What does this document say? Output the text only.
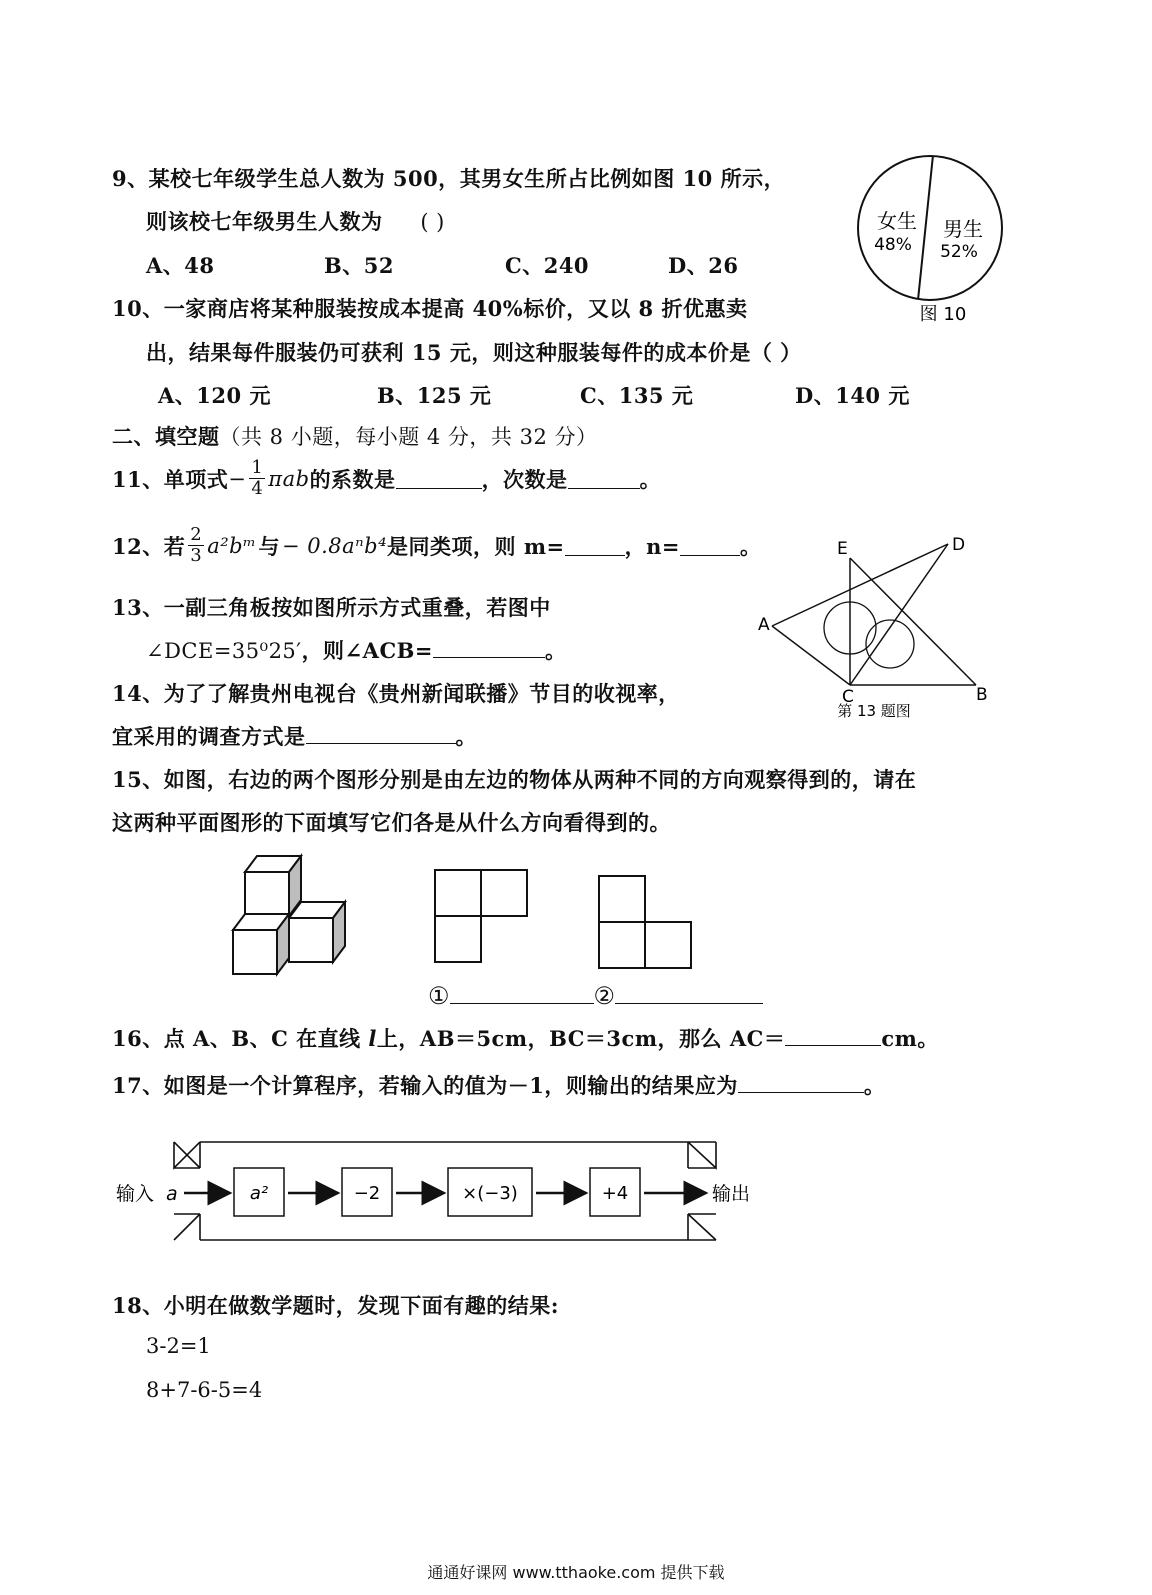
9、某校七年级学生总人数为 500，其男女生所占比例如图 10 所示，
则该校七年级男生人数为 ( )
A、48	B、52	C、240	D、26
女生
48%
男生
52%
图 10
10、一家商店将某种服装按成本提高 40%标价，又以 8 折优惠卖
出，结果每件服装仍可获利 15 元，则这种服装每件的成本价是（ ）
A、120 元	B、125 元	C、135 元	D、140 元
二、填空题（共 8 小题，每小题 4 分，共 32 分）
11、单项式 − $\frac{1}{4}$ πab 的系数是	，次数是	。
12、若 $\frac{2}{3}$ a²bᵐ 与 − 0.8aⁿb⁴ 是同类项，则 m=	，n=	。
13、一副三角板按如图所示方式重叠，若图中
∠DCE=35⁰25′，则∠ACB=	。
E	D
A
C	B
第 13 题图
14、为了了解贵州电视台《贵州新闻联播》节目的收视率，
宜采用的调查方式是	。
15、如图，右边的两个图形分别是由左边的物体从两种不同的方向观察得到的，请在
这两种平面图形的下面填写它们各是从什么方向看得到的。
①	②
16、点 A、B、C 在直线 l上，AB＝5cm，BC＝3cm，那么 AC＝	cm。
17、如图是一个计算程序，若输入的值为－1，则输出的结果应为	。
输入 a	a²	−2	×(−3)	+4	输出
18、小明在做数学题时，发现下面有趣的结果:
3-2=1
8+7-6-5=4
通通好课网 www.tthaoke.com 提供下载
